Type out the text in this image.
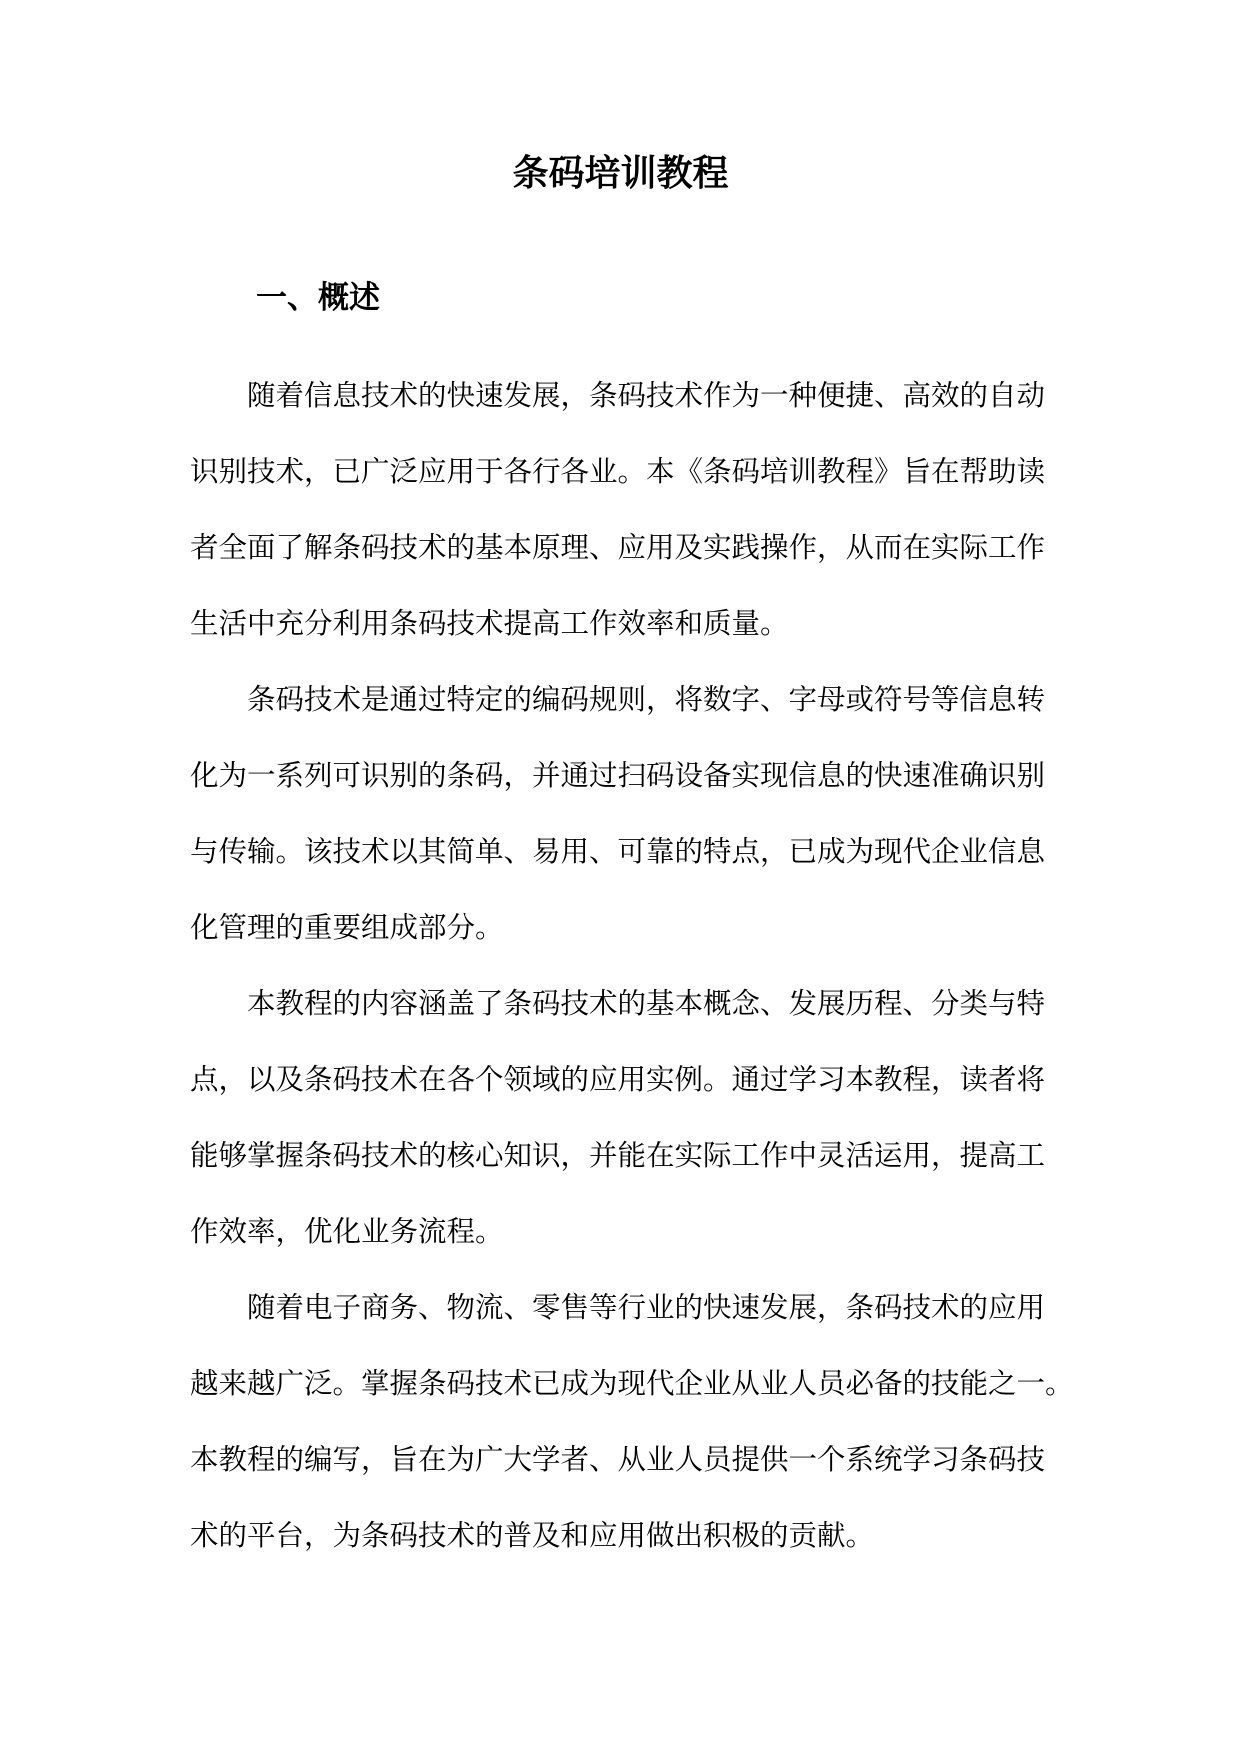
条码培训教程
一、概述

随着信息技术的快速发展，条码技术作为一种便捷、高效的自动
识别技术，已广泛应用于各行各业。本《条码培训教程》旨在帮助读
者全面了解条码技术的基本原理、应用及实践操作，从而在实际工作
生活中充分利用条码技术提高工作效率和质量。

条码技术是通过特定的编码规则，将数字、字母或符号等信息转
化为一系列可识别的条码，并通过扫码设备实现信息的快速准确识别
与传输。该技术以其简单、易用、可靠的特点，已成为现代企业信息
化管理的重要组成部分。

本教程的内容涵盖了条码技术的基本概念、发展历程、分类与特
点，以及条码技术在各个领域的应用实例。通过学习本教程，读者将
能够掌握条码技术的核心知识，并能在实际工作中灵活运用，提高工
作效率，优化业务流程。

随着电子商务、物流、零售等行业的快速发展，条码技术的应用
越来越广泛。掌握条码技术已成为现代企业从业人员必备的技能之一。
本教程的编写，旨在为广大学者、从业人员提供一个系统学习条码技
术的平台，为条码技术的普及和应用做出积极的贡献。
